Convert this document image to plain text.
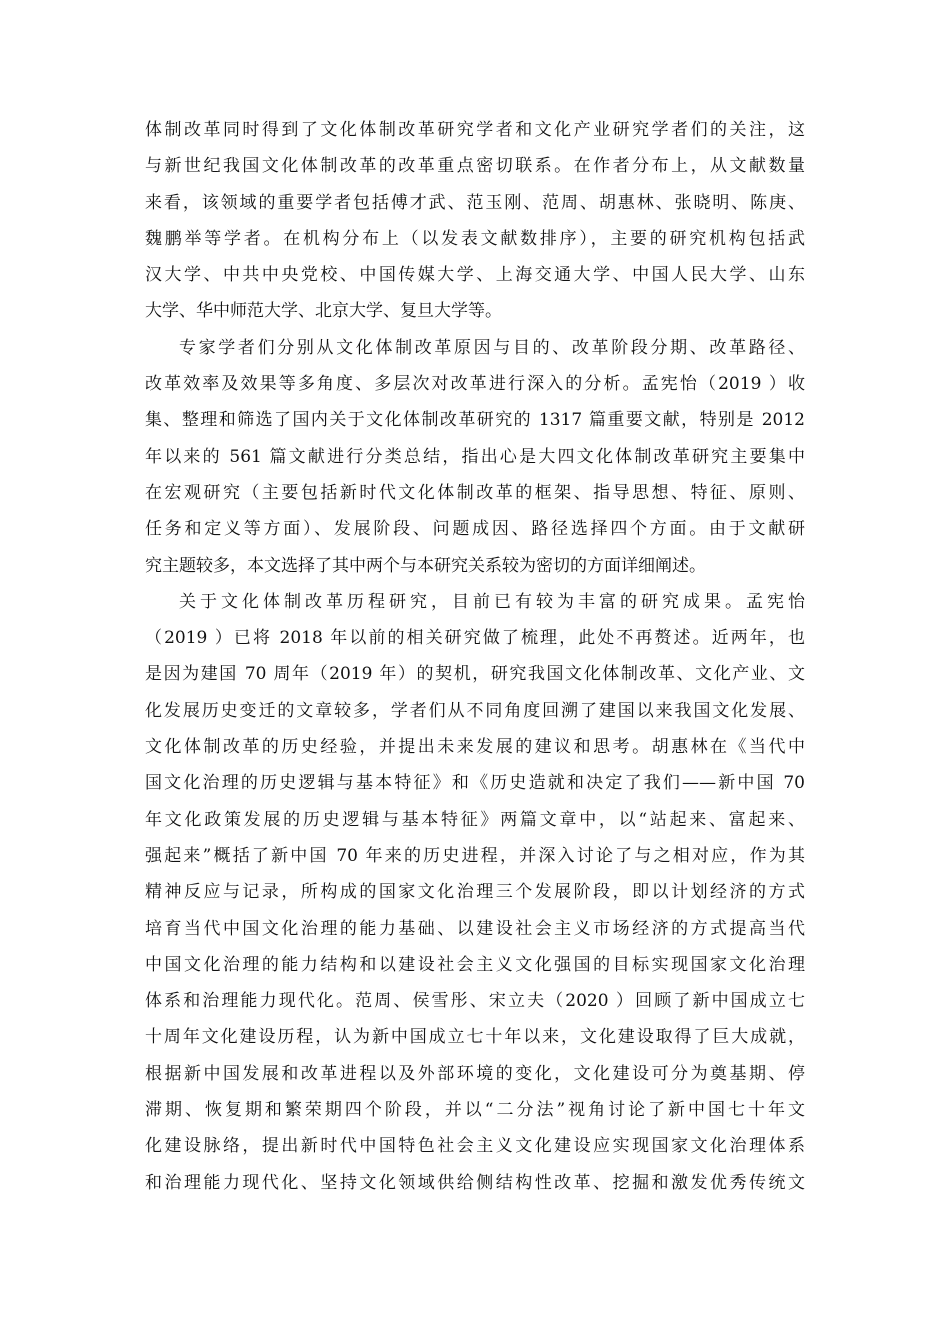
体制改革同时得到了文化体制改革研究学者和文化产业研究学者们的关注，这
与新世纪我国文化体制改革的改革重点密切联系。在作者分布上，从文献数量
来看，该领域的重要学者包括傅才武、范玉刚、范周、胡惠林、张晓明、陈庚、
魏鹏举等学者。在机构分布上（以发表文献数排序），主要的研究机构包括武
汉大学、中共中央党校、中国传媒大学、上海交通大学、中国人民大学、山东
大学、华中师范大学、北京大学、复旦大学等。
专家学者们分别从文化体制改革原因与目的、改革阶段分期、改革路径、
改革效率及效果等多角度、多层次对改革进行深入的分析。孟宪怡（2019 ）收
集、整理和筛选了国内关于文化体制改革研究的 1317 篇重要文献，特别是 2012
年以来的 561 篇文献进行分类总结，指出心是大四文化体制改革研究主要集中
在宏观研究（主要包括新时代文化体制改革的框架、指导思想、特征、原则、
任务和定义等方面）、发展阶段、问题成因、路径选择四个方面。由于文献研
究主题较多，本文选择了其中两个与本研究关系较为密切的方面详细阐述。
关于文化体制改革历程研究，目前已有较为丰富的研究成果。孟宪怡
（2019 ）已将 2018 年以前的相关研究做了梳理，此处不再赘述。近两年，也
是因为建国 70 周年（2019 年）的契机，研究我国文化体制改革、文化产业、文
化发展历史变迁的文章较多，学者们从不同角度回溯了建国以来我国文化发展、
文化体制改革的历史经验，并提出未来发展的建议和思考。胡惠林在《当代中
国文化治理的历史逻辑与基本特征》和《历史造就和决定了我们——新中国 70
年文化政策发展的历史逻辑与基本特征》两篇文章中，以“站起来、富起来、
强起来”概括了新中国 70 年来的历史进程，并深入讨论了与之相对应，作为其
精神反应与记录，所构成的国家文化治理三个发展阶段，即以计划经济的方式
培育当代中国文化治理的能力基础、以建设社会主义市场经济的方式提高当代
中国文化治理的能力结构和以建设社会主义文化强国的目标实现国家文化治理
体系和治理能力现代化。范周、侯雪彤、宋立夫（2020 ）回顾了新中国成立七
十周年文化建设历程，认为新中国成立七十年以来，文化建设取得了巨大成就，
根据新中国发展和改革进程以及外部环境的变化，文化建设可分为奠基期、停
滞期、恢复期和繁荣期四个阶段，并以“二分法”视角讨论了新中国七十年文
化建设脉络，提出新时代中国特色社会主义文化建设应实现国家文化治理体系
和治理能力现代化、坚持文化领域供给侧结构性改革、挖掘和激发优秀传统文
